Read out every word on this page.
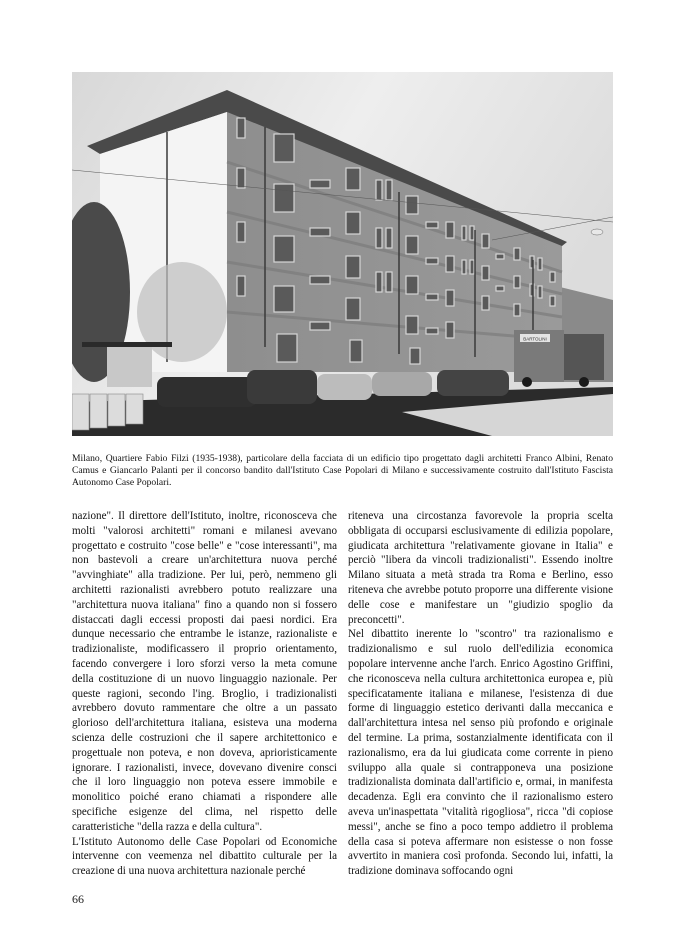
BARTOLINI
Milano, Quartiere Fabio Filzi (1935-1938), particolare della facciata di un edificio tipo progettato dagli architetti Franco Albini, Renato Camus e Giancarlo Palanti per il concorso bandito dall'Istituto Case Popolari di Milano e successivamente costruito dall'Istituto Fascista Autonomo Case Popolari.

nazione". Il direttore dell'Istituto, inoltre, riconosceva che molti "valorosi architetti" romani e milanesi avevano progettato e costruito "cose belle" e "cose interessanti", ma non bastevoli a creare un'architettura nuova perché "avvinghiate" alla tradizione. Per lui, però, nemmeno gli architetti razionalisti avrebbero potuto realizzare una "architettura nuova italiana" fino a quando non si fossero distaccati dagli eccessi proposti dai paesi nordici. Era dunque necessario che entrambe le istanze, razionaliste e tradizionaliste, modificassero il proprio orientamento, facendo convergere i loro sforzi verso la meta comune della costituzione di un nuovo linguaggio nazionale. Per queste ragioni, secondo l'ing. Broglio, i tradizionalisti avrebbero dovuto rammentare che oltre a un passato glorioso dell'architettura italiana, esisteva una moderna scienza delle costruzioni che il sapere architettonico e progettuale non poteva, e non doveva, aprioristicamente ignorare. I razionalisti, invece, dovevano divenire consci che il loro linguaggio non poteva essere immobile e monolitico poiché erano chiamati a rispondere alle specifiche esigenze del clima, nel rispetto delle caratteristiche "della razza e della cultura".

L'Istituto Autonomo delle Case Popolari od Economiche intervenne con veemenza nel dibattito culturale per la creazione di una nuova architettura nazionale perché

riteneva una circostanza favorevole la propria scelta obbligata di occuparsi esclusivamente di edilizia popolare, giudicata architettura "relativamente giovane in Italia" e perciò "libera da vincoli tradizionalisti". Essendo inoltre Milano situata a metà strada tra Roma e Berlino, esso riteneva che avrebbe potuto proporre una differente visione delle cose e manifestare un "giudizio spoglio da preconcetti".

Nel dibattito inerente lo "scontro" tra razionalismo e tradizionalismo e sul ruolo dell'edilizia economica popolare intervenne anche l'arch. Enrico Agostino Griffini, che riconosceva nella cultura architettonica europea e, più specificatamente italiana e milanese, l'esistenza di due forme di linguaggio estetico derivanti dalla meccanica e dall'architettura intesa nel senso più profondo e originale del termine. La prima, sostanzialmente identificata con il razionalismo, era da lui giudicata come corrente in pieno sviluppo alla quale si contrapponeva una posizione tradizionalista dominata dall'artificio e, ormai, in manifesta decadenza. Egli era convinto che il razionalismo estero aveva un'inaspettata "vitalità rigogliosa", ricca "di copiose messi", anche se fino a poco tempo addietro il problema della casa si poteva affermare non esistesse o non fosse avvertito in maniera così profonda. Secondo lui, infatti, la tradizione dominava soffocando ogni

66
